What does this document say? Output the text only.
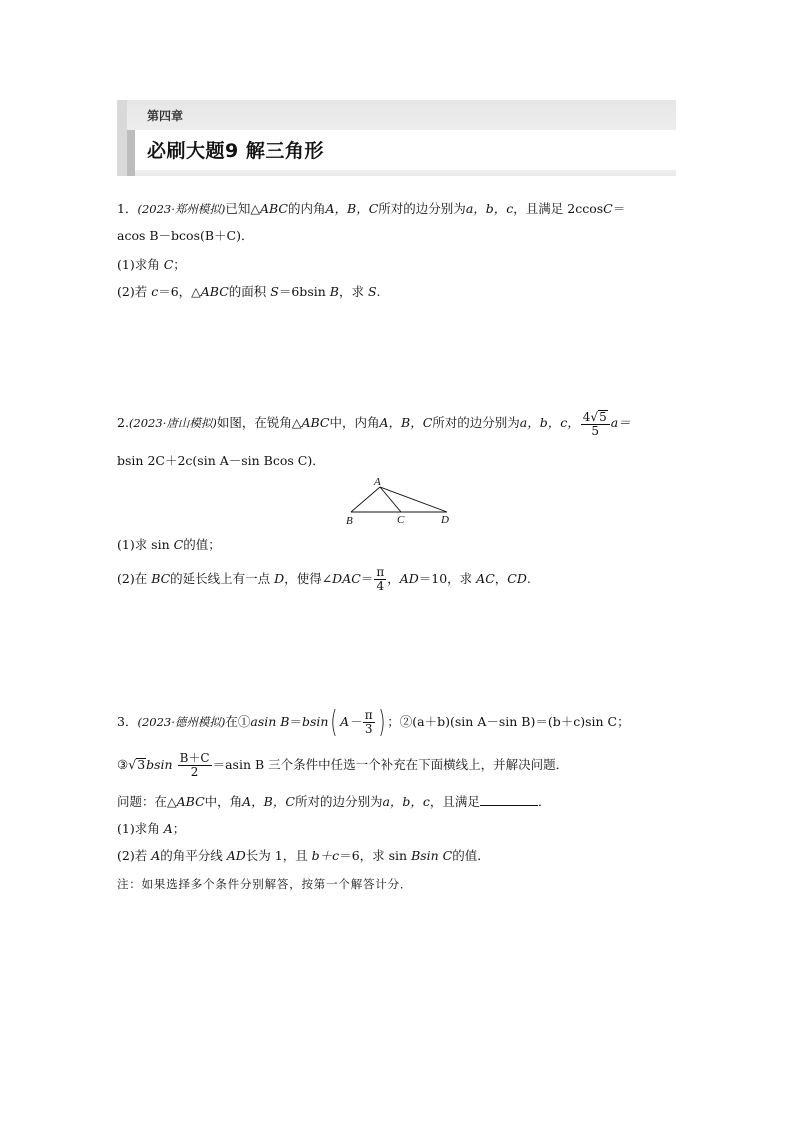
第四章
必刷大题9 解三角形
1．(2023·郑州模拟)已知△ABC的内角A，B，C所对的边分别为a，b，c，且满足 2ccosC＝
acos B－bcos(B＋C)．
(1)求角 C；
(2)若 c＝6，△ABC的面积 S＝6bsin B，求 S.
2.(2023·唐山模拟)如图，在锐角△ABC中，内角A，B，C所对的边分别为a，b，c， $\frac{4√5}{5} a=$
bsin 2C＋2c(sin A－sin Bcos C)．
A
B	C	D
(1)求 sin C的值；
(2)在 BC的延长线上有一点 D，使得∠DAC＝ $\frac{\pi}{4}$ ，AD＝10，求 AC，CD.
3．(2023·德州模拟)在①asin B＝bsin( $A- \frac{\pi}{3}$ ) ；②(a＋b)(sin A－sin B)＝(b＋c)sin C；
③√3bsin $\frac{B+C}{2} =asin$ B 三个条件中任选一个补充在下面横线上，并解决问题．
问题：在△ABC中，角A，B，C所对的边分别为a，b，c，且满足	．
(1)求角 A；
(2)若 A的角平分线 AD长为 1，且 b＋c＝6，求 sin Bsin C的值．
注：如果选择多个条件分别解答，按第一个解答计分．
